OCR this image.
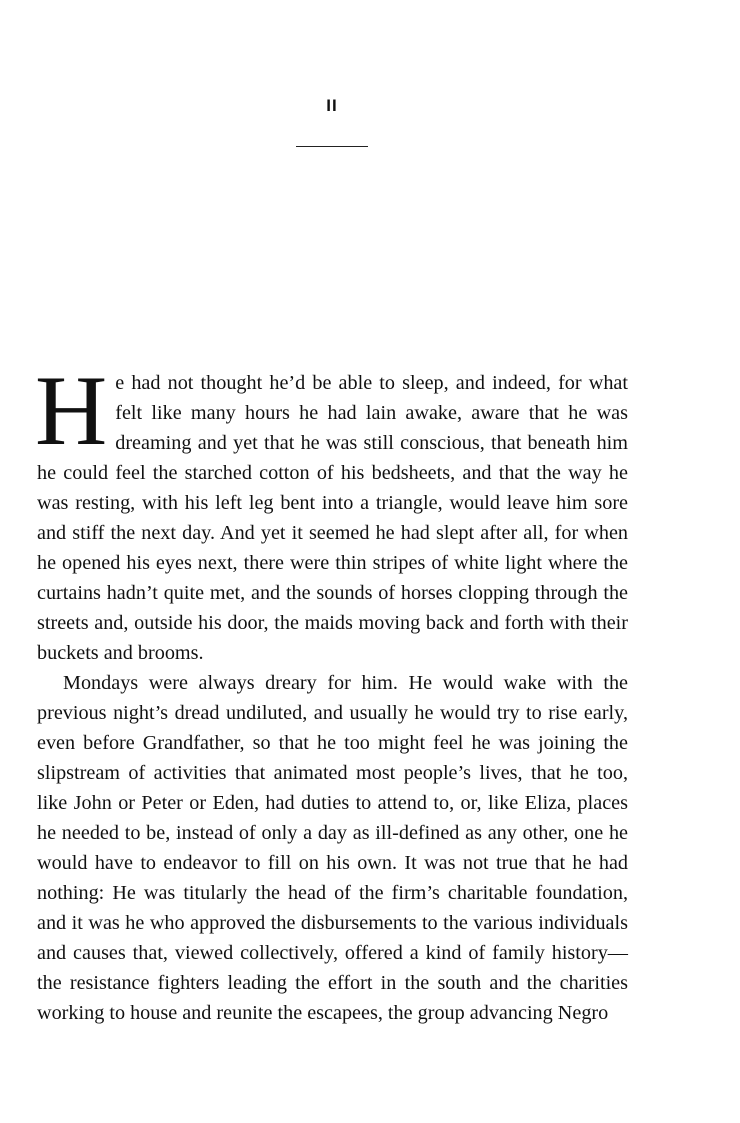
II

He had not thought he’d be able to sleep, and indeed, for what felt like many hours he had lain awake, aware that he was dreaming and yet that he was still conscious, that beneath him he could feel the starched cotton of his bedsheets, and that the way he was resting, with his left leg bent into a triangle, would leave him sore and stiff the next day. And yet it seemed he had slept after all, for when he opened his eyes next, there were thin stripes of white light where the curtains hadn’t quite met, and the sounds of horses clopping through the streets and, outside his door, the maids moving back and forth with their buckets and brooms.

Mondays were always dreary for him. He would wake with the previous night’s dread undiluted, and usually he would try to rise early, even before Grandfather, so that he too might feel he was joining the slipstream of activities that animated most people’s lives, that he too, like John or Peter or Eden, had duties to attend to, or, like Eliza, places he needed to be, instead of only a day as ill-defined as any other, one he would have to endeavor to fill on his own. It was not true that he had nothing: He was titularly the head of the firm’s charitable foundation, and it was he who approved the disbursements to the various individuals and causes that, viewed collectively, offered a kind of family history—the resistance fighters leading the effort in the south and the charities working to house and reunite the escapees, the group advancing Negro
